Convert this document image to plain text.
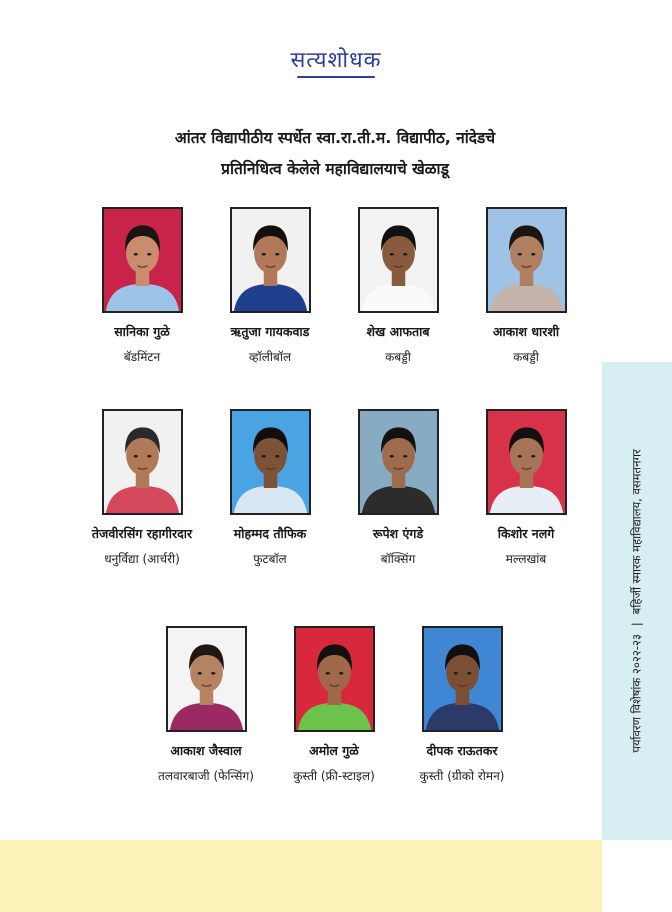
सत्यशोधक
आंतर विद्यापीठीय स्पर्धेत स्वा.रा.ती.म. विद्यापीठ, नांदेडचे
प्रतिनिधित्व केलेले महाविद्यालयाचे खेळाडू
सानिका गुळे
बॅडमिंटन
ऋतुजा गायकवाड
व्हॉलीबॉल
शेख आफताब
कबड्डी
आकाश धारशी
कबड्डी
तेजवीरसिंग रहागीरदार
धनुर्विद्या (आर्चरी)
मोहम्मद तौफिक
फुटबॉल
रूपेश एंगडे
बॉक्सिंग
किशोर नलगे
मल्लखांब
आकाश जैस्वाल
तलवारबाजी (फेन्सिंग)
अमोल गुळे
कुस्ती (फ्री-स्टाइल)
दीपक राऊतकर
कुस्ती (ग्रीको रोमन)
पर्यावरण विशेषांक २०२२-२३|बहिर्जी स्मारक महाविद्यालय, वसमतनगर
